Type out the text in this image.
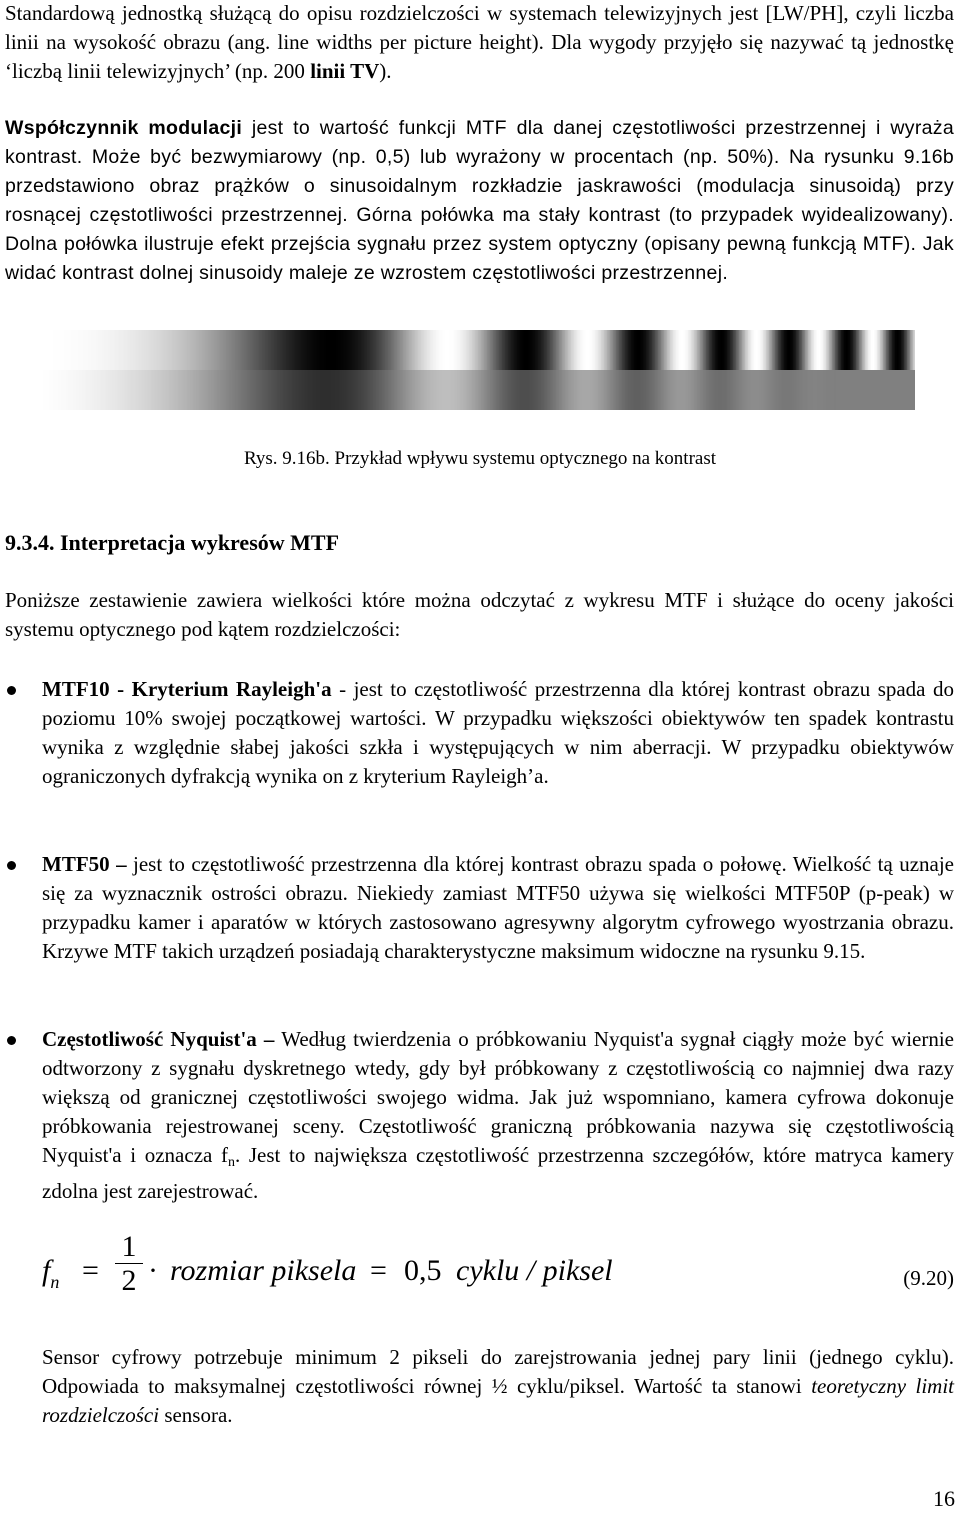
Standardową jednostką służącą do opisu rozdzielczości w systemach telewizyjnych jest [LW/PH], czyli liczba linii na wysokość obrazu (ang. line widths per picture height). Dla wygody przyjęło się nazywać tą jednostkę ‘liczbą linii telewizyjnych’ (np. 200 linii TV).

Współczynnik modulacji jest to wartość funkcji MTF dla danej częstotliwości przestrzennej i wyraża kontrast. Może być bezwymiarowy (np. 0,5) lub wyrażony w procentach (np. 50%). Na rysunku 9.16b przedstawiono obraz prążków o sinusoidalnym rozkładzie jaskrawości (modulacja sinusoidą) przy rosnącej częstotliwości przestrzennej. Górna połówka ma stały kontrast (to przypadek wyidealizowany). Dolna połówka ilustruje efekt przejścia sygnału przez system optyczny (opisany pewną funkcją MTF). Jak widać kontrast dolnej sinusoidy maleje ze wzrostem częstotliwości przestrzennej.

Rys. 9.16b. Przykład wpływu systemu optycznego na kontrast
9.3.4. Interpretacja wykresów MTF

Poniższe zestawienie zawiera wielkości które można odczytać z wykresu MTF i służące do oceny jakości systemu optycznego pod kątem rozdzielczości:

MTF10 - Kryterium Rayleigh'a - jest to częstotliwość przestrzenna dla której kontrast obrazu spada do poziomu 10% swojej początkowej wartości. W przypadku większości obiektywów ten spadek kontrastu wynika z względnie słabej jakości szkła i występujących w nim aberracji. W przypadku obiektywów ograniczonych dyfrakcją wynika on z kryterium Rayleigh’a.
MTF50 – jest to częstotliwość przestrzenna dla której kontrast obrazu spada o połowę. Wielkość tą uznaje się za wyznacznik ostrości obrazu. Niekiedy zamiast MTF50 używa się wielkości MTF50P (p-peak) w przypadku kamer i aparatów w których zastosowano agresywny algorytm cyfrowego wyostrzania obrazu. Krzywe MTF takich urządzeń posiadają charakterystyczne maksimum widoczne na rysunku 9.15.
Częstotliwość Nyquist'a – Według twierdzenia o próbkowaniu Nyquist'a sygnał ciągły może być wiernie odtworzony z sygnału dyskretnego wtedy, gdy był próbkowany z częstotliwością co najmniej dwa razy większą od granicznej częstotliwości swojego widma. Jak już wspomniano, kamera cyfrowa dokonuje próbkowania rejestrowanej sceny. Częstotliwość graniczną próbkowania nazywa się częstotliwością Nyquist'a i oznacza $f_n$. Jest to największa częstotliwość przestrzenna szczegółów, które matryca kamery zdolna jest zarejestrować.
$f_n$ =
1
2 · rozmiar piksela = 0,5 cyklu / piksel	(9.20)

Sensor cyfrowy potrzebuje minimum 2 pikseli do zarejstrowania jednej pary linii (jednego cyklu). Odpowiada to maksymalnej częstotliwości równej ½ cyklu/piksel. Wartość ta stanowi teoretyczny limit rozdzielczości sensora.

16
